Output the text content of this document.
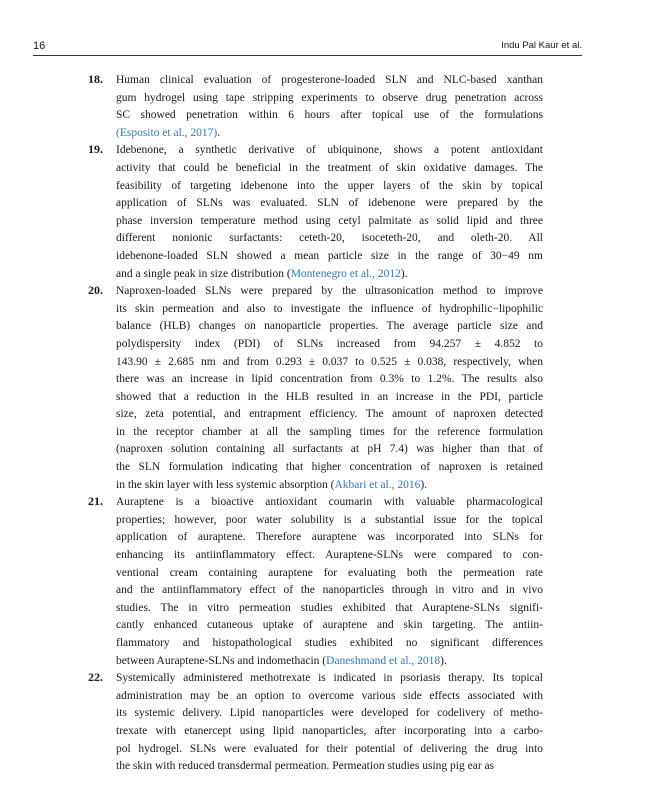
16	Indu Pal Kaur et al.
18. Human clinical evaluation of progesterone-loaded SLN and NLC-based xanthan
gum hydrogel using tape stripping experiments to observe drug penetration across
SC showed penetration within 6 hours after topical use of the formulations
(Esposito et al., 2017).
19. Idebenone, a synthetic derivative of ubiquinone, shows a potent antioxidant
activity that could be beneficial in the treatment of skin oxidative damages. The
feasibility of targeting idebenone into the upper layers of the skin by topical
application of SLNs was evaluated. SLN of idebenone were prepared by the
phase inversion temperature method using cetyl palmitate as solid lipid and three
different nonionic surfactants: ceteth-20, isoceteth-20, and oleth-20. All
idebenone-loaded SLN showed a mean particle size in the range of 30−49 nm
and a single peak in size distribution (Montenegro et al., 2012).
20. Naproxen-loaded SLNs were prepared by the ultrasonication method to improve
its skin permeation and also to investigate the influence of hydrophilic−lipophilic
balance (HLB) changes on nanoparticle properties. The average particle size and
polydispersity index (PDI) of SLNs increased from 94.257 ± 4.852 to
143.90 ± 2.685 nm and from 0.293 ± 0.037 to 0.525 ± 0.038, respectively, when
there was an increase in lipid concentration from 0.3% to 1.2%. The results also
showed that a reduction in the HLB resulted in an increase in the PDI, particle
size, zeta potential, and entrapment efficiency. The amount of naproxen detected
in the receptor chamber at all the sampling times for the reference formulation
(naproxen solution containing all surfactants at pH 7.4) was higher than that of
the SLN formulation indicating that higher concentration of naproxen is retained
in the skin layer with less systemic absorption (Akbari et al., 2016).
21. Auraptene is a bioactive antioxidant coumarin with valuable pharmacological
properties; however, poor water solubility is a substantial issue for the topical
application of auraptene. Therefore auraptene was incorporated into SLNs for
enhancing its antiinflammatory effect. Auraptene-SLNs were compared to con-
ventional cream containing auraptene for evaluating both the permeation rate
and the antiinflammatory effect of the nanoparticles through in vitro and in vivo
studies. The in vitro permeation studies exhibited that Auraptene-SLNs signifi-
cantly enhanced cutaneous uptake of auraptene and skin targeting. The antiin-
flammatory and histopathological studies exhibited no significant differences
between Auraptene-SLNs and indomethacin (Daneshmand et al., 2018).
22. Systemically administered methotrexate is indicated in psoriasis therapy. Its topical
administration may be an option to overcome various side effects associated with
its systemic delivery. Lipid nanoparticles were developed for codelivery of metho-
trexate with etanercept using lipid nanoparticles, after incorporating into a carbo-
pol hydrogel. SLNs were evaluated for their potential of delivering the drug into
the skin with reduced transdermal permeation. Permeation studies using pig ear as
